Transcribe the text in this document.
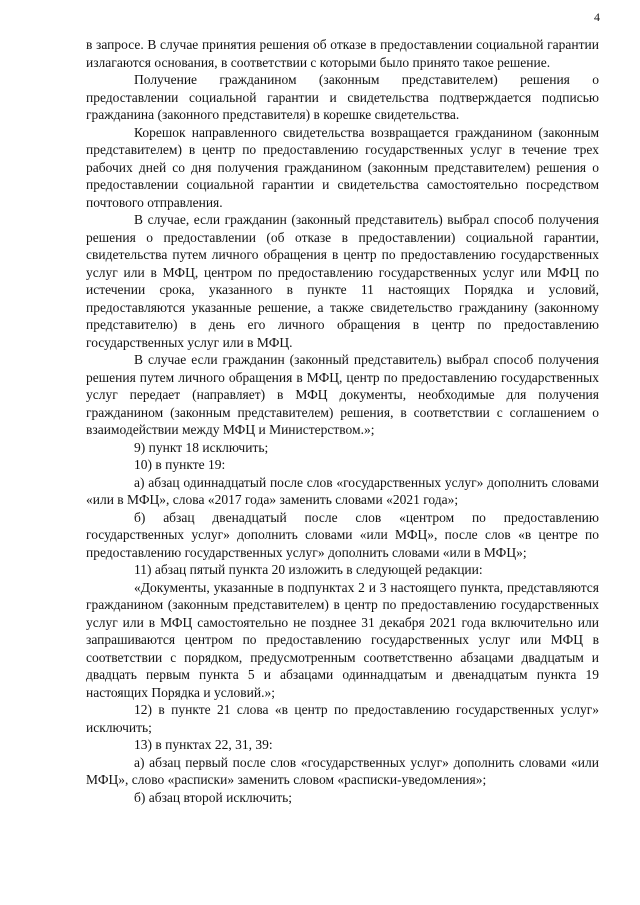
4

в запросе. В случае принятия решения об отказе в предоставлении социальной гарантии излагаются основания, в соответствии с которыми было принято такое решение.

Получение гражданином (законным представителем) решения о предоставлении социальной гарантии и свидетельства подтверждается подписью гражданина (законного представителя) в корешке свидетельства.

Корешок направленного свидетельства возвращается гражданином (законным представителем) в центр по предоставлению государственных услуг в течение трех рабочих дней со дня получения гражданином (законным представителем) решения о предоставлении социальной гарантии и свидетельства самостоятельно посредством почтового отправления.

В случае, если гражданин (законный представитель) выбрал способ получения решения о предоставлении (об отказе в предоставлении) социальной гарантии, свидетельства путем личного обращения в центр по предоставлению государственных услуг или в МФЦ, центром по предоставлению государственных услуг или МФЦ по истечении срока, указанного в пункте 11 настоящих Порядка и условий, предоставляются указанные решение, а также свидетельство гражданину (законному представителю) в день его личного обращения в центр по предоставлению государственных услуг или в МФЦ.

В случае если гражданин (законный представитель) выбрал способ получения решения путем личного обращения в МФЦ, центр по предоставлению государственных услуг передает (направляет) в МФЦ документы, необходимые для получения гражданином (законным представителем) решения, в соответствии с соглашением о взаимодействии между МФЦ и Министерством.»;

9) пункт 18 исключить;

10) в пункте 19:

а) абзац одиннадцатый после слов «государственных услуг» дополнить словами «или в МФЦ», слова «2017 года» заменить словами «2021 года»;

б) абзац двенадцатый после слов «центром по предоставлению государственных услуг» дополнить словами «или МФЦ», после слов «в центре по предоставлению государственных услуг» дополнить словами «или в МФЦ»;

11) абзац пятый пункта 20 изложить в следующей редакции:

«Документы, указанные в подпунктах 2 и 3 настоящего пункта, представляются гражданином (законным представителем) в центр по предоставлению государственных услуг или в МФЦ самостоятельно не позднее 31 декабря 2021 года включительно или запрашиваются центром по предоставлению государственных услуг или МФЦ в соответствии с порядком, предусмотренным соответственно абзацами двадцатым и двадцать первым пункта 5 и абзацами одиннадцатым и двенадцатым пункта 19 настоящих Порядка и условий.»;

12) в пункте 21 слова «в центр по предоставлению государственных услуг» исключить;

13) в пунктах 22, 31, 39:

а) абзац первый после слов «государственных услуг» дополнить словами «или МФЦ», слово «расписки» заменить словом «расписки-уведомления»;

б) абзац второй исключить;
